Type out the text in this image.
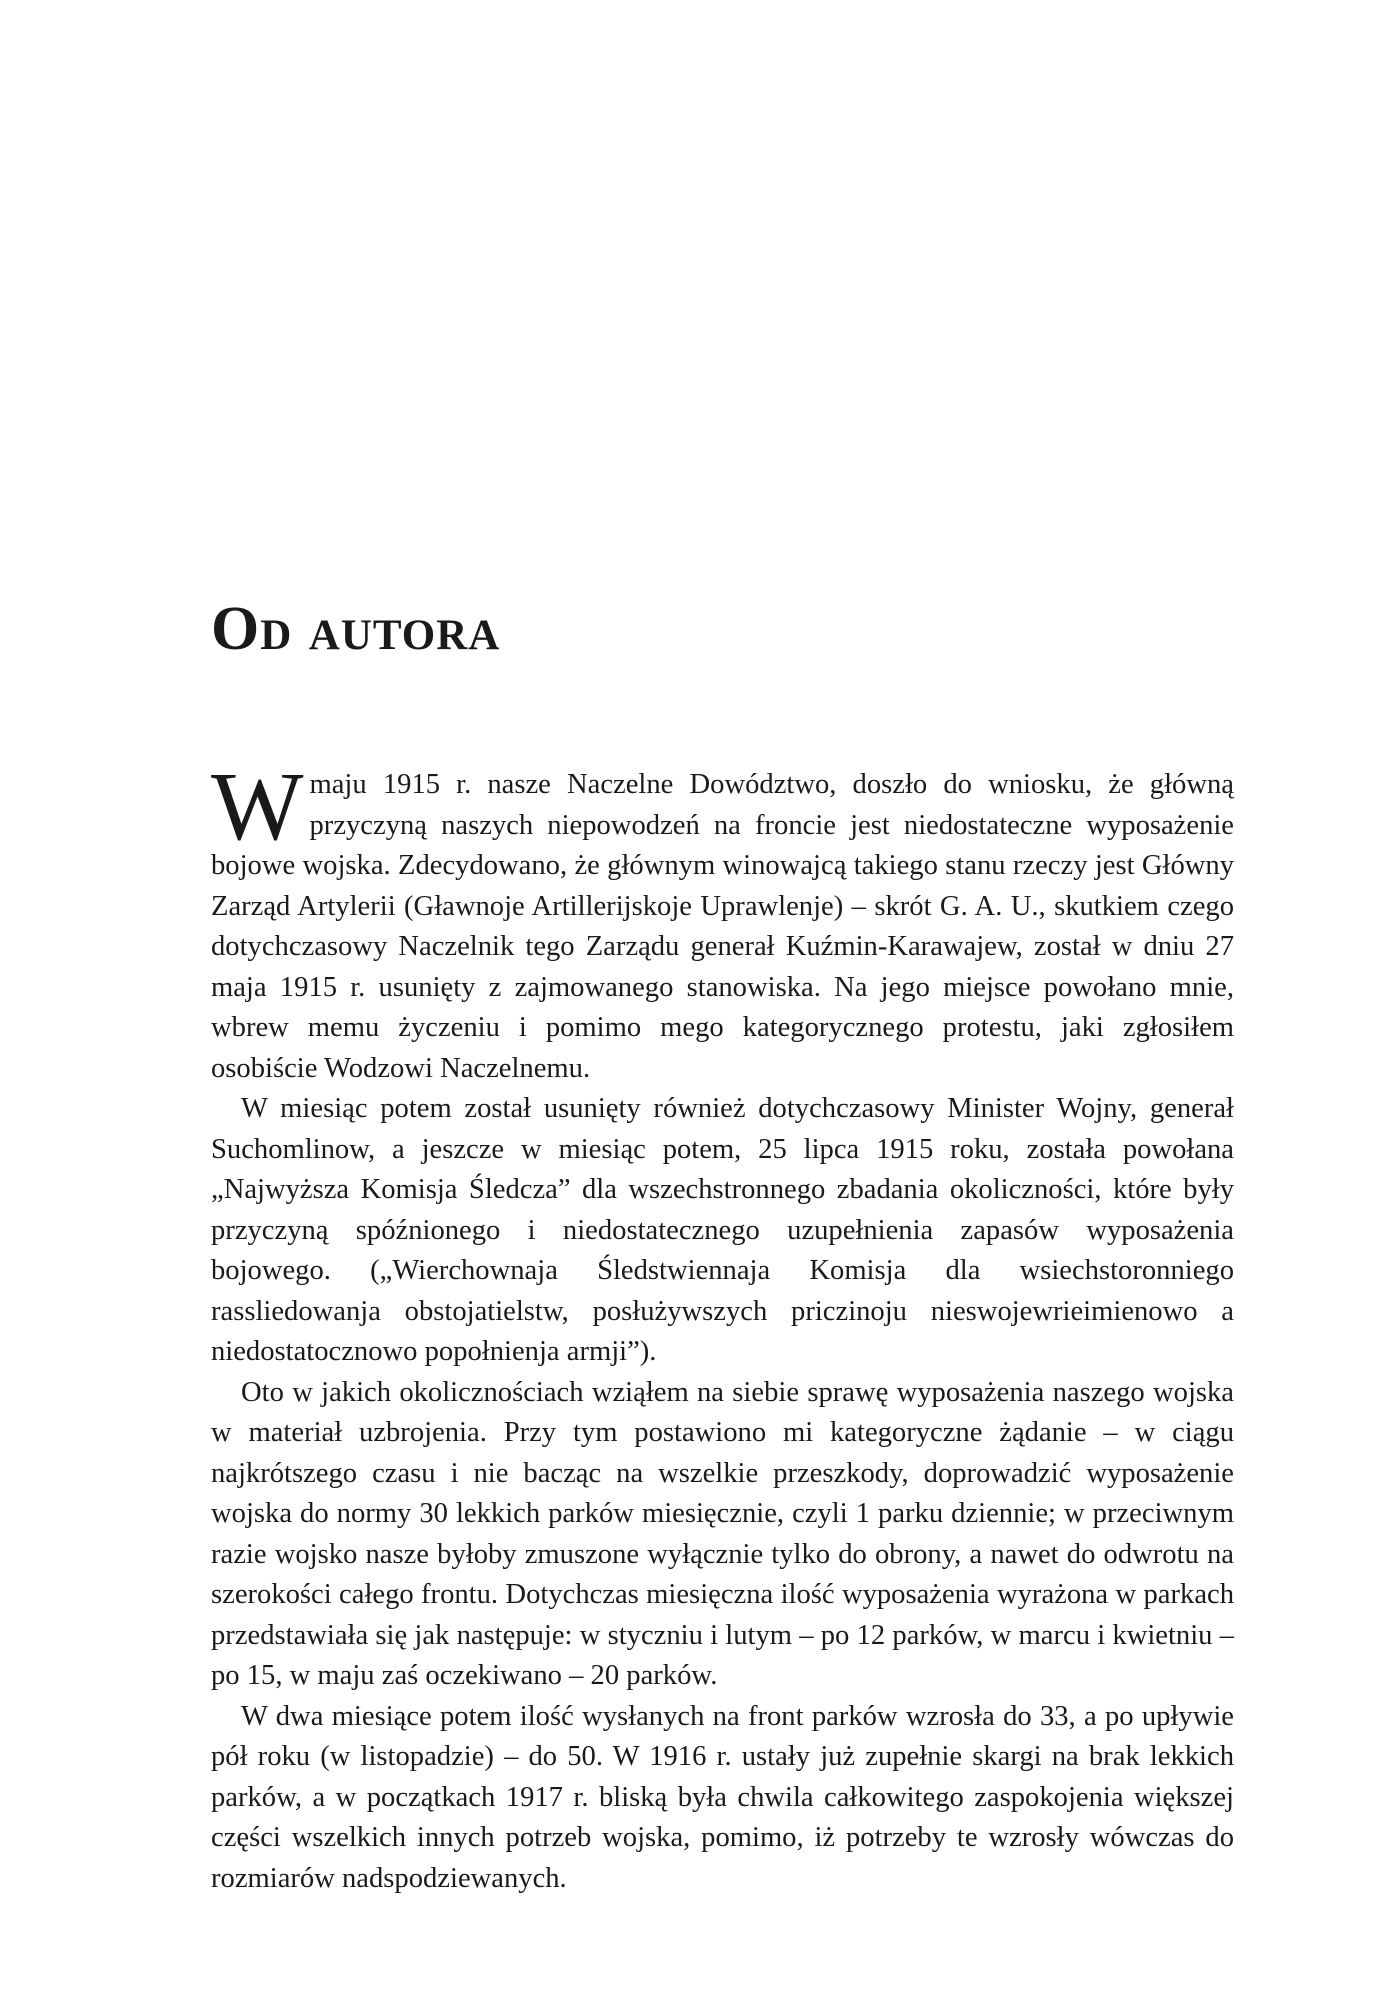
Od autora

Wmaju 1915 r. nasze Naczelne Dowództwo, doszło do wniosku, że główną przyczyną naszych niepowodzeń na froncie jest niedostateczne wyposażenie bojowe wojska. Zdecydowano, że głównym winowajcą takiego stanu rzeczy jest Główny Zarząd Artylerii (Gławnoje Artillerijskoje Uprawlenje) – skrót G. A. U., skutkiem czego dotychczasowy Naczelnik tego Zarządu generał Kuźmin-Karawajew, został w dniu 27 maja 1915 r. usunięty z zajmowanego stanowiska. Na jego miejsce powołano mnie, wbrew memu życzeniu i pomimo mego kategorycznego protestu, jaki zgłosiłem osobiście Wodzowi Naczelnemu.

W miesiąc potem został usunięty również dotychczasowy Minister Wojny, generał Suchomlinow, a jeszcze w miesiąc potem, 25 lipca 1915 roku, została powołana „Najwyższa Komisja Śledcza” dla wszechstronnego zbadania okoliczności, które były przyczyną spóźnionego i niedostatecznego uzupełnienia zapasów wyposażenia bojowego. („Wierchownaja Śledstwiennaja Komisja dla wsiechstoronniego rassliedowanja obstojatielstw, posłużywszych priczinoju nieswojewrieimienowo a niedostatocznowo popołnienja armji”).

Oto w jakich okolicznościach wziąłem na siebie sprawę wyposażenia naszego wojska w materiał uzbrojenia. Przy tym postawiono mi kategoryczne żądanie – w ciągu najkrótszego czasu i nie bacząc na wszelkie przeszkody, doprowadzić wyposażenie wojska do normy 30 lekkich parków miesięcznie, czyli 1 parku dziennie; w przeciwnym razie wojsko nasze byłoby zmuszone wyłącznie tylko do obrony, a nawet do odwrotu na szerokości całego frontu. Dotychczas miesięczna ilość wyposażenia wyrażona w parkach przedstawiała się jak następuje: w styczniu i lutym – po 12 parków, w marcu i kwietniu – po 15, w maju zaś oczekiwano – 20 parków.

W dwa miesiące potem ilość wysłanych na front parków wzrosła do 33, a po upływie pół roku (w listopadzie) – do 50. W 1916 r. ustały już zupełnie skargi na brak lekkich parków, a w początkach 1917 r. bliską była chwila całkowitego zaspokojenia większej części wszelkich innych potrzeb wojska, pomimo, iż potrzeby te wzrosły wówczas do rozmiarów nadspodziewanych.
